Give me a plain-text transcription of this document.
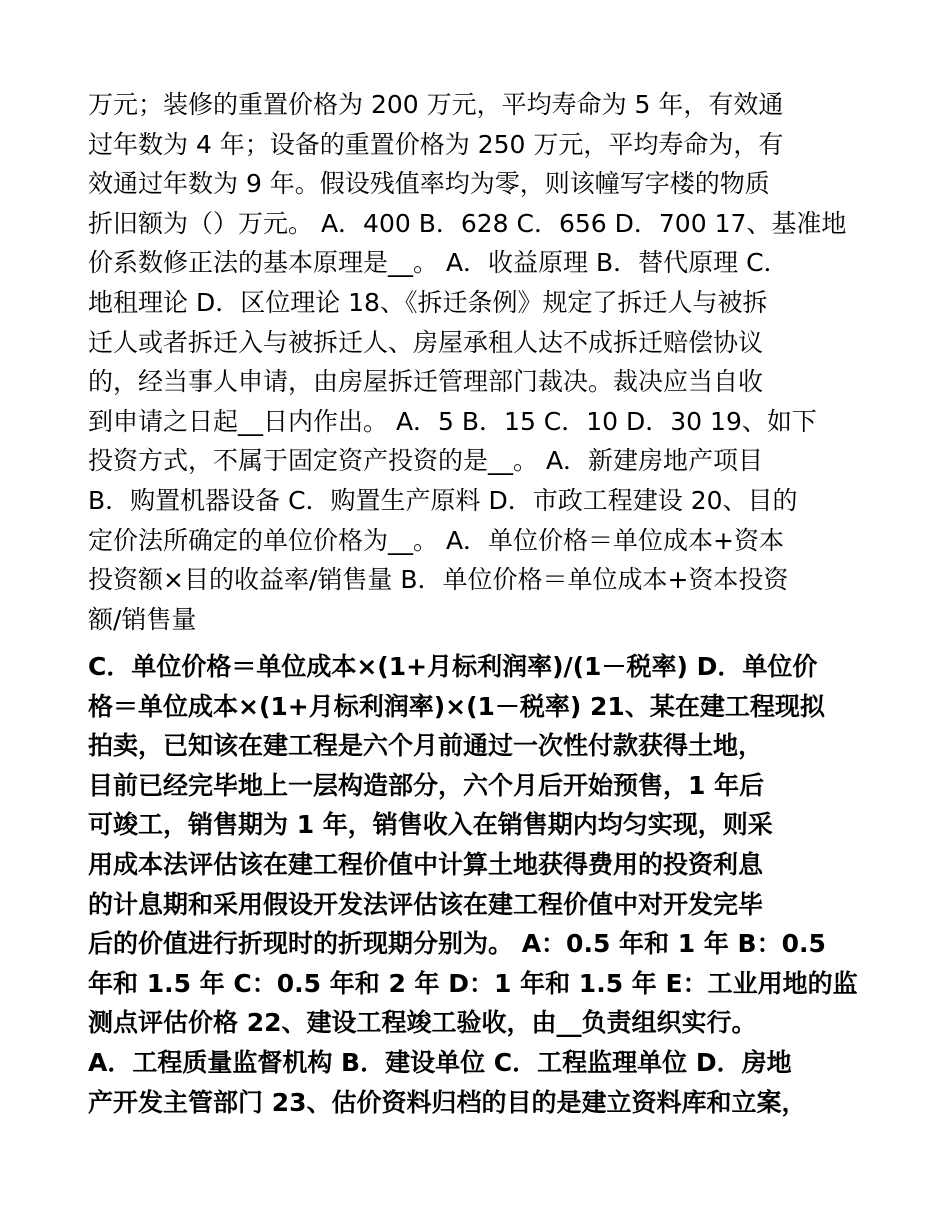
万元；装修的重置价格为 200 万元，平均寿命为 5 年，有效通
过年数为 4 年；设备的重置价格为 250 万元，平均寿命为，有
效通过年数为 9 年。假设残值率均为零，则该幢写字楼的物质
折旧额为（）万元。 A．400 B．628 C．656 D．700 17、基准地
价系数修正法的基本原理是__。 A．收益原理 B．替代原理 C．
地租理论 D．区位理论 18、《拆迁条例》规定了拆迁人与被拆
迁人或者拆迁入与被拆迁人、房屋承租人达不成拆迁赔偿协议
的，经当事人申请，由房屋拆迁管理部门裁决。裁决应当自收
到申请之日起__日内作出。 A．5 B．15 C．10 D．30 19、如下
投资方式，不属于固定资产投资的是__。 A．新建房地产项目
B．购置机器设备 C．购置生产原料 D．市政工程建设 20、目的
定价法所确定的单位价格为__。 A．单位价格＝单位成本+资本
投资额×目的收益率/销售量 B．单位价格＝单位成本+资本投资
额/销售量

C．单位价格＝单位成本×(1+月标利润率)/(1－税率) D．单位价
格＝单位成本×(1+月标利润率)×(1－税率) 21、某在建工程现拟
拍卖，已知该在建工程是六个月前通过一次性付款获得土地，
目前已经完毕地上一层构造部分，六个月后开始预售，1 年后
可竣工，销售期为 1 年，销售收入在销售期内均匀实现，则采
用成本法评估该在建工程价值中计算土地获得费用的投资利息
的计息期和采用假设开发法评估该在建工程价值中对开发完毕
后的价值进行折现时的折现期分别为。 A：0.5 年和 1 年 B：0.5
年和 1.5 年 C：0.5 年和 2 年 D：1 年和 1.5 年 E：工业用地的监
测点评估价格 22、建设工程竣工验收，由__负责组织实行。
A．工程质量监督机构 B．建设单位 C．工程监理单位 D．房地
产开发主管部门 23、估价资料归档的目的是建立资料库和立案，
